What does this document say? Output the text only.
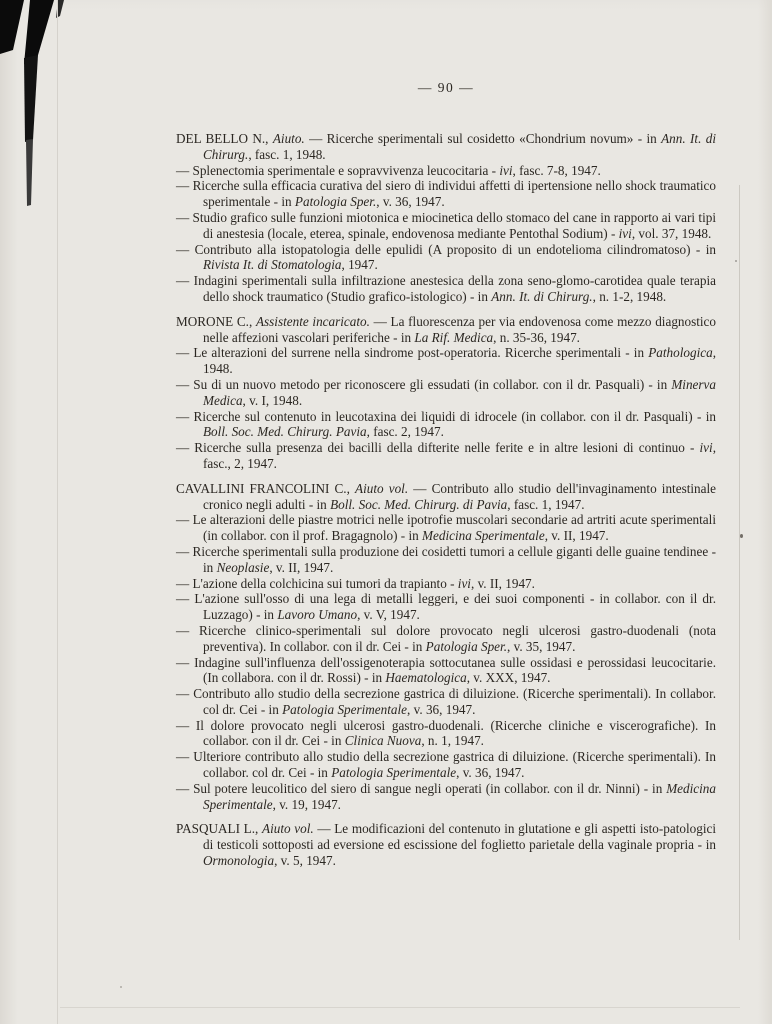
— 90 —

DEL BELLO N., Aiuto. — Ricerche sperimentali sul cosidetto «Chondrium novum» - in Ann. It. di Chirurg., fasc. 1, 1948.

— Splenectomia sperimentale e sopravvivenza leucocitaria - ivi, fasc. 7-8, 1947.

— Ricerche sulla efficacia curativa del siero di individui affetti di ipertensione nello shock traumatico sperimentale - in Patologia Sper., v. 36, 1947.

— Studio grafico sulle funzioni miotonica e miocinetica dello stomaco del cane in rapporto ai vari tipi di anestesia (locale, eterea, spinale, endovenosa mediante Pentothal Sodium) - ivi, vol. 37, 1948.

— Contributo alla istopatologia delle epulidi (A proposito di un endotelioma cilindromatoso) - in Rivista It. di Stomatologia, 1947.

— Indagini sperimentali sulla infiltrazione anestesica della zona seno-glomo-carotidea quale terapia dello shock traumatico (Studio grafico-istologico) - in Ann. It. di Chirurg., n. 1-2, 1948.

MORONE C., Assistente incaricato. — La fluorescenza per via endovenosa come mezzo diagnostico nelle affezioni vascolari periferiche - in La Rif. Medica, n. 35-36, 1947.

— Le alterazioni del surrene nella sindrome post-operatoria. Ricerche sperimentali - in Pathologica, 1948.

— Su di un nuovo metodo per riconoscere gli essudati (in collabor. con il dr. Pasquali) - in Minerva Medica, v. I, 1948.

— Ricerche sul contenuto in leucotaxina dei liquidi di idrocele (in collabor. con il dr. Pasquali) - in Boll. Soc. Med. Chirurg. Pavia, fasc. 2, 1947.

— Ricerche sulla presenza dei bacilli della difterite nelle ferite e in altre lesioni di continuo - ivi, fasc., 2, 1947.

CAVALLINI FRANCOLINI C., Aiuto vol. — Contributo allo studio dell'invaginamento intestinale cronico negli adulti - in Boll. Soc. Med. Chirurg. di Pavia, fasc. 1, 1947.

— Le alterazioni delle piastre motrici nelle ipotrofie muscolari secondarie ad artriti acute sperimentali (in collabor. con il prof. Bragagnolo) - in Medicina Sperimentale, v. II, 1947.

— Ricerche sperimentali sulla produzione dei cosidetti tumori a cellule giganti delle guaine tendinee - in Neoplasie, v. II, 1947.

— L'azione della colchicina sui tumori da trapianto - ivi, v. II, 1947.

— L'azione sull'osso di una lega di metalli leggeri, e dei suoi componenti - in collabor. con il dr. Luzzago) - in Lavoro Umano, v. V, 1947.

— Ricerche clinico-sperimentali sul dolore provocato negli ulcerosi gastro-duodenali (nota preventiva). In collabor. con il dr. Cei - in Patologia Sper., v. 35, 1947.

— Indagine sull'influenza dell'ossigenoterapia sottocutanea sulle ossidasi e perossidasi leucocitarie. (In collabora. con il dr. Rossi) - in Haematologica, v. XXX, 1947.

— Contributo allo studio della secrezione gastrica di diluizione. (Ricerche sperimentali). In collabor. col dr. Cei - in Patologia Sperimentale, v. 36, 1947.

— Il dolore provocato negli ulcerosi gastro-duodenali. (Ricerche cliniche e viscerografiche). In collabor. con il dr. Cei - in Clinica Nuova, n. 1, 1947.

— Ulteriore contributo allo studio della secrezione gastrica di diluizione. (Ricerche sperimentali). In collabor. col dr. Cei - in Patologia Sperimentale, v. 36, 1947.

— Sul potere leucolitico del siero di sangue negli operati (in collabor. con il dr. Ninni) - in Medicina Sperimentale, v. 19, 1947.

PASQUALI L., Aiuto vol. — Le modificazioni del contenuto in glutatione e gli aspetti isto-patologici di testicoli sottoposti ad eversione ed escissione del foglietto parietale della vaginale propria - in Ormonologia, v. 5, 1947.
